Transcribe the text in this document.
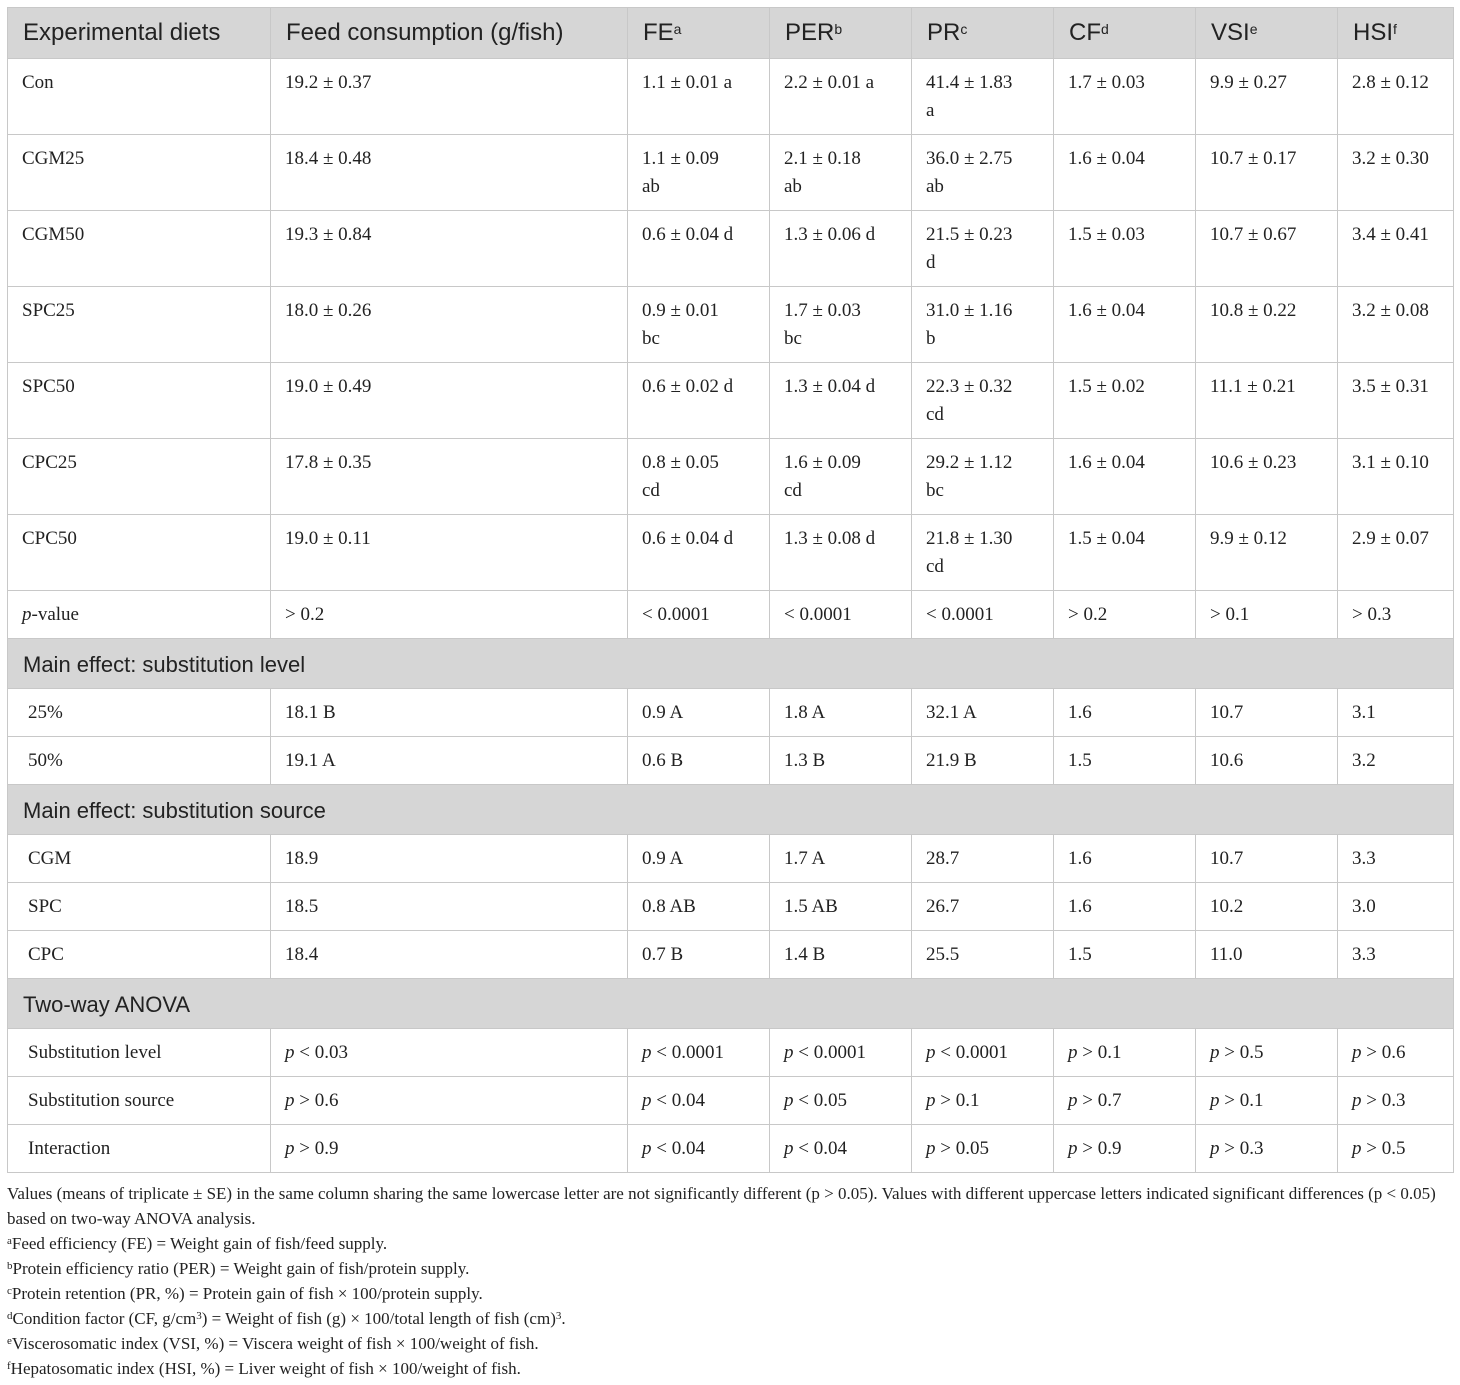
Experimental diets	Feed consumption (g/fish)	$FE^a$	PER$^b$	$PR^c$	$CF^d$	VSI$^e$	HSI$^f$
Con	19.2 ± 0.37	1.1 ± 0.01 a	2.2 ± 0.01 a	41.4 ± 1.83 a	1.7 ± 0.03	9.9 ± 0.27	2.8 ± 0.12
CGM25	18.4 ± 0.48	1.1 ± 0.09 ab	2.1 ± 0.18 ab	36.0 ± 2.75 ab	1.6 ± 0.04	10.7 ± 0.17	3.2 ± 0.30
CGM50	19.3 ± 0.84	0.6 ± 0.04 d	1.3 ± 0.06 d	21.5 ± 0.23 d	1.5 ± 0.03	10.7 ± 0.67	3.4 ± 0.41
SPC25	18.0 ± 0.26	0.9 ± 0.01 bc	1.7 ± 0.03 bc	31.0 ± 1.16 b	1.6 ± 0.04	10.8 ± 0.22	3.2 ± 0.08
SPC50	19.0 ± 0.49	0.6 ± 0.02 d	1.3 ± 0.04 d	22.3 ± 0.32 cd	1.5 ± 0.02	11.1 ± 0.21	3.5 ± 0.31
CPC25	17.8 ± 0.35	0.8 ± 0.05 cd	1.6 ± 0.09 cd	29.2 ± 1.12 bc	1.6 ± 0.04	10.6 ± 0.23	3.1 ± 0.10
CPC50	19.0 ± 0.11	0.6 ± 0.04 d	1.3 ± 0.08 d	21.8 ± 1.30 cd	1.5 ± 0.04	9.9 ± 0.12	2.9 ± 0.07
p-value	> 0.2	< 0.0001	< 0.0001	< 0.0001	> 0.2	> 0.1	> 0.3
Main effect: substitution level							
25%	18.1 B	0.9 A	1.8 A	32.1 A	1.6	10.7	3.1
50%	19.1 A	0.6 B	1.3 B	21.9 B	1.5	10.6	3.2
Main effect: substitution source							
CGM	18.9	0.9 A	1.7 A	28.7	1.6	10.7	3.3
SPC	18.5	0.8 AB	1.5 AB	26.7	1.6	10.2	3.0
CPC	18.4	0.7 B	1.4 B	25.5	1.5	11.0	3.3
Two-way ANOVA							
Substitution level	p < 0.03	p < 0.0001	p < 0.0001	p < 0.0001	p > 0.1	p > 0.5	p > 0.6
Substitution source	p > 0.6	p < 0.04	p < 0.05	p > 0.1	p > 0.7	p > 0.1	p > 0.3
Interaction	p > 0.9	p < 0.04	p < 0.04	p > 0.05	p > 0.9	p > 0.3	p > 0.5

Values (means of triplicate ± SE) in the same column sharing the same lowercase letter are not significantly different (p > 0.05). Values with different uppercase letters indicated significant differences (p < 0.05) based on two-way ANOVA analysis.

$^a$Feed efficiency (FE) = Weight gain of fish/feed supply.

$^b$Protein efficiency ratio (PER) = Weight gain of fish/protein supply.

$^c$Protein retention (PR, %) = Protein gain of fish × 100/protein supply.

$^d$Condition factor (CF, $g/cm^3$) = Weight of fish (g) × 100/total length of fish (cm)$^3$.

$^e$Viscerosomatic index (VSI, %) = Viscera weight of fish × 100/weight of fish.

$^f$Hepatosomatic index (HSI, %) = Liver weight of fish × 100/weight of fish.
